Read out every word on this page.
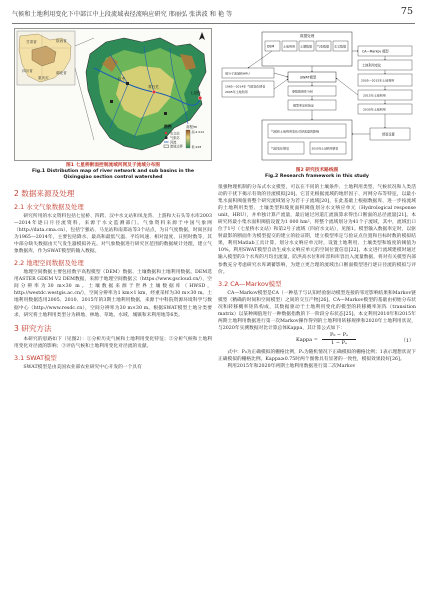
气候和土地利用变化下中部江中上段流域表径流响应研究 邢丽弘 张洪波 和 艳 等	75
甘肃省
四川省
陕西省
湖北省
重庆市
七星桥
青石关
汉中
图例
水文站
气象站
河流
流域边界
高程/m
高:4 012
低:228
图1 七星桥断面控制流域河网及子流域分布图
Fig.1 Distribution map of river network and sub basins in the
Qixingqiao section control watershed
2 数据来源及处理
2.1 水文气象数据及处理

研究所用的水文资料包括七星桥、四跨、汉中水文站和凤龙湾、上游和大石头等水库2003—2014年逐日月径流资料，来源于水文监测部门。气象资料来源于中国气象网（http://data.cma.cn），包括宁强站、马龙站和南郑站等3个站点，为日气度数据，时间区间为1965—2014年，主要包括降水、最高和最低气温、平均风速、相对湿度、日照时数等，其中部分缺失数据由天气发生器模拟补充。对气象数据进行研究区范围的数据统计处理，建立气象数据库，作为SWAT模型的输入数据。

2.2 地理空间数据及处理

地理空间数据主要包括数字高程模型（DEM）数据、土壤数据和土地利用数据。DEM选用ASTER GDEM V2 DEM数据，来源于地理空间数据云（https://www.gscloud.cn/），空间分辨率为30 m×30 m。土壤数据来源于世界土壤数据库（HWSD，http://westdc.westgis.ac.cn/），空间分辨率为1 km×1 km，经重采样为30 m×30 m。土地利用数据选用2005、2010、2015年的3期土地利用数据，来源于中科院资源环境科学与数据中心（http://www.resdc.cn），空间分辨率为30 m×30 m。根据SWAT模型土地分类要求，研究将土地利用类型分为耕地、林地、草地、水域、城镇和未利用地等6类。

3 研究方法

本研究的思路如下（见图2）：①分析历史气候和土地利用变化特征；②分析气候和土地利用变化对径流的影响；③评估气候和土地利用变化对径流的贡献。

3.1 SWAT模型

SWAT模型是由美国农业部农业研究中心开发的一个具有

数据处理
DEM	土地利用 土壤数据 气象数据 水文数据
划分子流域和HRU
1965—2014年 气候变化情景
2005年土地利用
CA—Markov 模型
土地利用变化
2005—2015年土地利用
2015年土地利用
2030年土地利用
SWAT模型
参数敏感性分析
模型率定和验证
情景设置
气候和土地利用变化对径流量的影响
气候变化情景	2030年土地利用情景
图2 研究技术路线图
Fig.2 Research framework in this study

很强物理机制的分布式水文模型，可以在不同的土壤条件、土地利用类型、气候状况和人类活动的干扰下揭示有效的径流模拟[20]。它首先根据流域的地形因子、河网分布等特征，以最小集水面积阈值将整个研究流域划分为若干子流域[20]，在此基础上根据数据库，进一步按流域的土地利用类型、土壤类型和坡度面积阈值划分水文响应单元（Hydrological response unit，HRU），并单独计算产流量，最后通过河道汇流演算求得出口断面的总径流量[21]。本研究将最小集水面积阈值设置为1 000 hm²，将整个流域划分为41个子流域，其中，流域出口位于1号（七星桥水文站）和第2号子流域（四府水文站），见图1。模型输入数据率定时，以驱射最影的断面作为模型提交的建立的验证期，建立模型率定与验证点位置和目标时数的模拟结果，利用Matlab工具计算，划分水文响应单元时，设置土地利用、土壤类型和坡度的阈值为10%，利用SWAT模型自动生成水文响应单元的空间位置信息[22]。本文进行流域建模时通过输入模型的3个水库的月均出流量，防洪高水位和库容和库容出入流量数据，将对有关模型内部参数充分考虑研究水库调蓄影响，为建立更合理的流域出口断面模型进行逐日径流的模拟与评价。

3.2 CA—Markov模型

CA—Markov模型是CA（一种基于与认知经验驱动模型连接的邻近影响结果和Markov链模型（精确的时间和空间模型）之间的交互产物[26]。CA—Markov模型的基础由初始分布状况和转移概率矩阵构成，其数据驱动于土地利用变化的模型的转移概率矩阵（transition matrix）以某种阈值进行一种数据指数的下一阶段分布状态[25]。本文利用2010年和2015年两期土地利用数据进行第一次Markov操作得到的土地利用转移规律和2020年土地利用状况，与2020年实测数据对比计算总体Kappa，其计算公式如下：

Kappa = $\frac{\text{P₀ − Pₑ}}{\text{1 − Pₑ}}$	（1）

式中：P₀为正确模拟的栅格比例，Pₑ为随机情况下正确模拟的栅格比例；1表示理想状况下正确模拟的栅格比例。Kappa≥0.75时两个图像具有显著的一致性，模拟效果较好[26]。

利用2015年和2020年两期土地利用数据进行第二次Markov
